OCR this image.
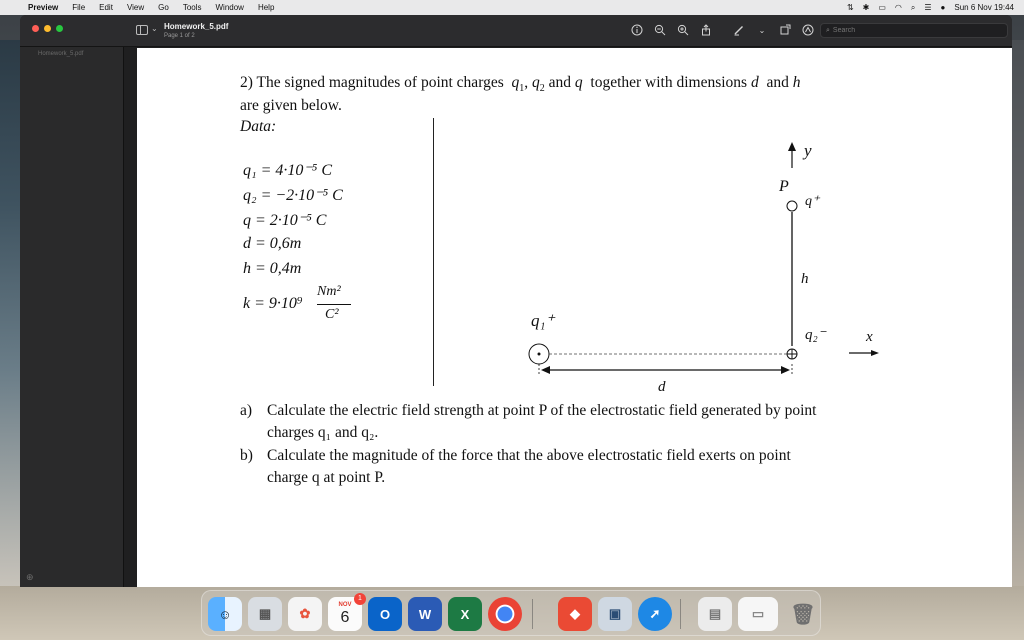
Preview File Edit View Go Tools Window Help	⇅ ✱ ▭ ◠ ⌕ ☰ ● Sun 6 Nov 19:44
⌄ Homework_5.pdf
Page 1 of 2
⌄	⌕
Search
Homework_5.pdf
⊕
2) The signed magnitudes of point charges  $q_1$, $q_2$ and q together with dimensions d and h
are given below.
Data:
q₁ = 4·10⁻⁵ C
q₂ = −2·10⁻⁵ C
q = 2·10⁻⁵ C
d = 0,6m
h = 0,4m
k = 9·10⁹
Nm²
C²
y
P
q⁺
h
q₁⁺
q₂⁻	x
d
a) Calculate the electric field strength at point P of the electrostatic field generated by point
charges q₁ and q₂.
b) Calculate the magnitude of the force that the above electrostatic field exerts on point
charge q at point P.
☺ ▦ ✿
NOV
6
1
O W X	◆ ▣ ➚	▤ ▭ 🗑
